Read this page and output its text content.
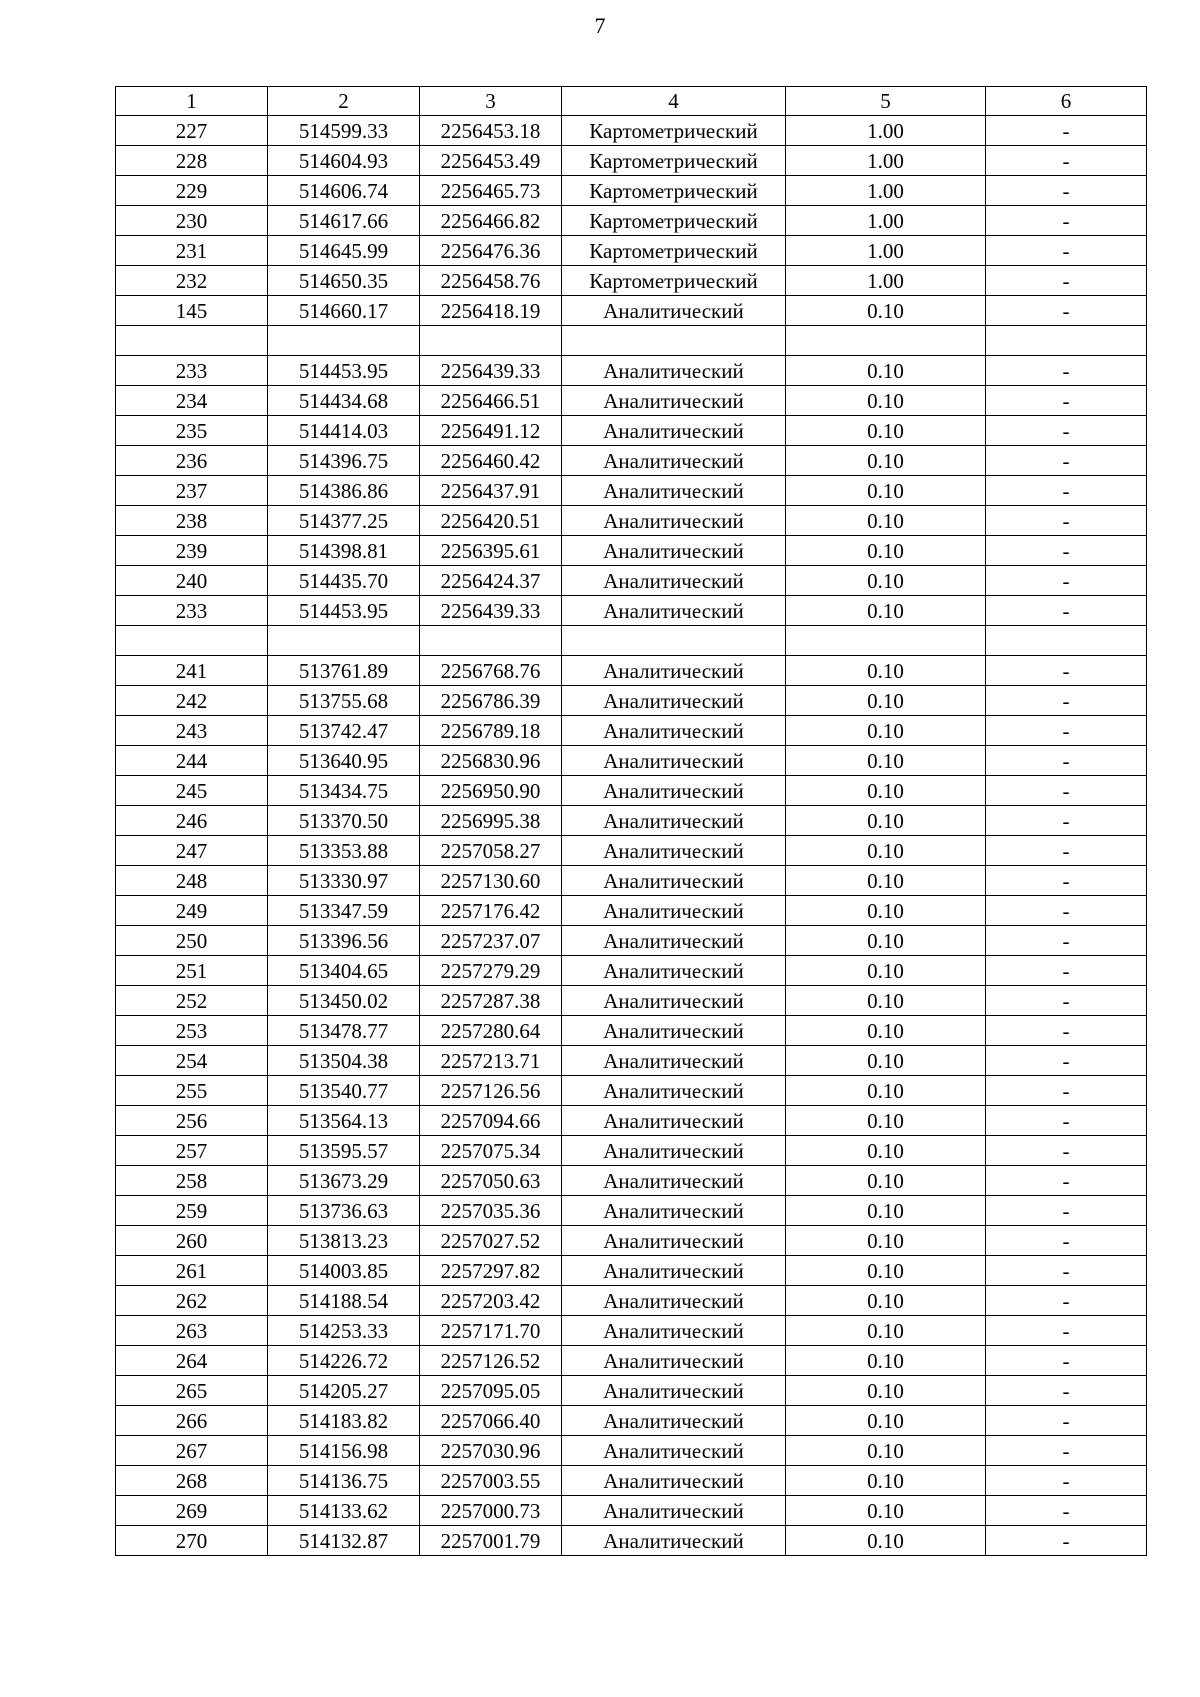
7
1	2	3	4	5	6
227	514599.33	2256453.18	Картометрический	1.00	-
228	514604.93	2256453.49	Картометрический	1.00	-
229	514606.74	2256465.73	Картометрический	1.00	-
230	514617.66	2256466.82	Картометрический	1.00	-
231	514645.99	2256476.36	Картометрический	1.00	-
232	514650.35	2256458.76	Картометрический	1.00	-
145	514660.17	2256418.19	Аналитический	0.10	-

233	514453.95	2256439.33	Аналитический	0.10	-
234	514434.68	2256466.51	Аналитический	0.10	-
235	514414.03	2256491.12	Аналитический	0.10	-
236	514396.75	2256460.42	Аналитический	0.10	-
237	514386.86	2256437.91	Аналитический	0.10	-
238	514377.25	2256420.51	Аналитический	0.10	-
239	514398.81	2256395.61	Аналитический	0.10	-
240	514435.70	2256424.37	Аналитический	0.10	-
233	514453.95	2256439.33	Аналитический	0.10	-

241	513761.89	2256768.76	Аналитический	0.10	-
242	513755.68	2256786.39	Аналитический	0.10	-
243	513742.47	2256789.18	Аналитический	0.10	-
244	513640.95	2256830.96	Аналитический	0.10	-
245	513434.75	2256950.90	Аналитический	0.10	-
246	513370.50	2256995.38	Аналитический	0.10	-
247	513353.88	2257058.27	Аналитический	0.10	-
248	513330.97	2257130.60	Аналитический	0.10	-
249	513347.59	2257176.42	Аналитический	0.10	-
250	513396.56	2257237.07	Аналитический	0.10	-
251	513404.65	2257279.29	Аналитический	0.10	-
252	513450.02	2257287.38	Аналитический	0.10	-
253	513478.77	2257280.64	Аналитический	0.10	-
254	513504.38	2257213.71	Аналитический	0.10	-
255	513540.77	2257126.56	Аналитический	0.10	-
256	513564.13	2257094.66	Аналитический	0.10	-
257	513595.57	2257075.34	Аналитический	0.10	-
258	513673.29	2257050.63	Аналитический	0.10	-
259	513736.63	2257035.36	Аналитический	0.10	-
260	513813.23	2257027.52	Аналитический	0.10	-
261	514003.85	2257297.82	Аналитический	0.10	-
262	514188.54	2257203.42	Аналитический	0.10	-
263	514253.33	2257171.70	Аналитический	0.10	-
264	514226.72	2257126.52	Аналитический	0.10	-
265	514205.27	2257095.05	Аналитический	0.10	-
266	514183.82	2257066.40	Аналитический	0.10	-
267	514156.98	2257030.96	Аналитический	0.10	-
268	514136.75	2257003.55	Аналитический	0.10	-
269	514133.62	2257000.73	Аналитический	0.10	-
270	514132.87	2257001.79	Аналитический	0.10	-
